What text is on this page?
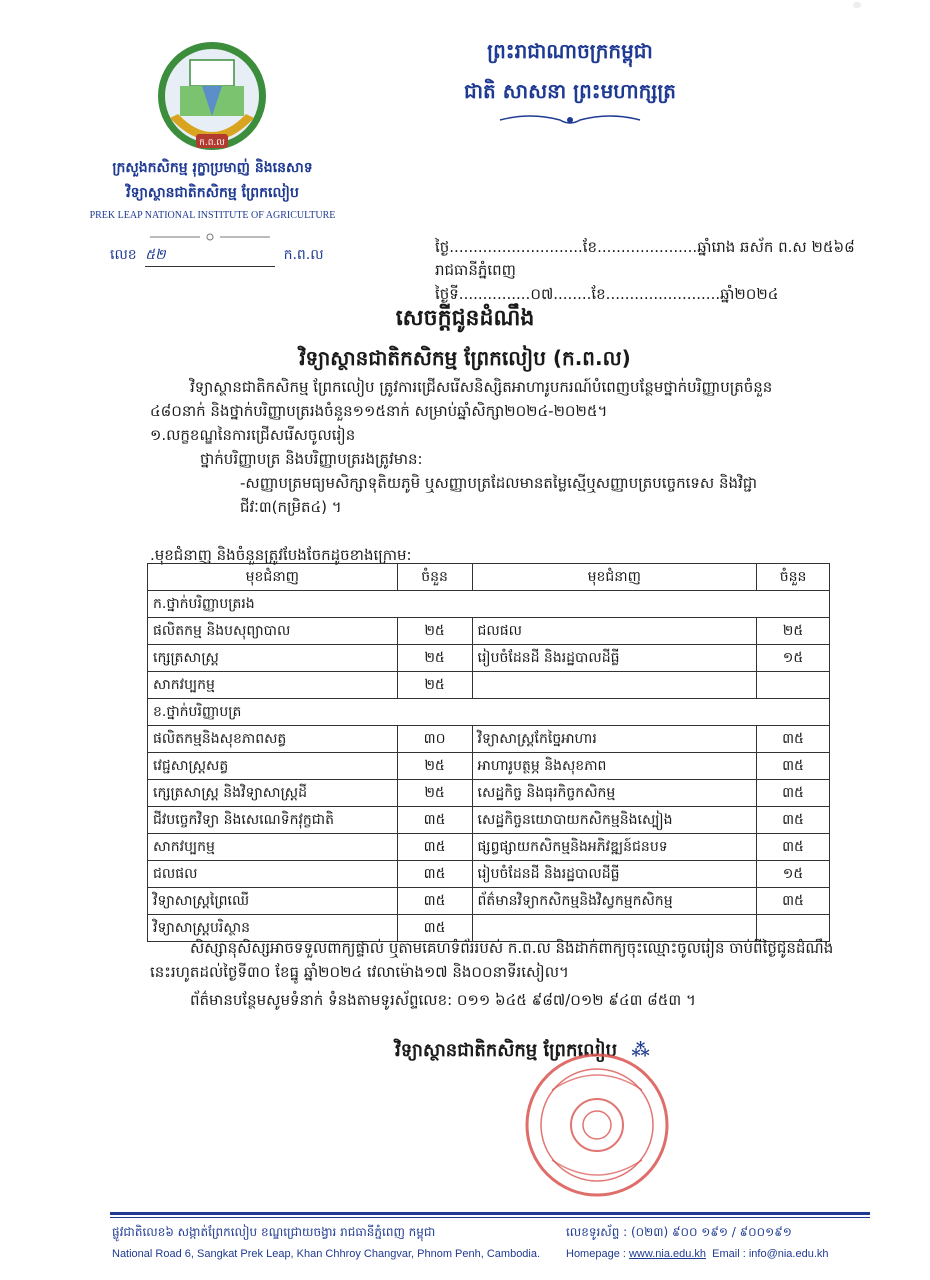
ក.ព.ល
ក្រសួងកសិកម្ម រុក្ខាប្រមាញ់ និងនេសាទ
វិទ្យាស្ថានជាតិកសិកម្ម ព្រែកលៀប
PREK LEAP NATIONAL INSTITUTE OF AGRICULTURE
លេខ ៥២	ក.ព.ល
ព្រះរាជាណាចក្រកម្ពុជា
ជាតិ សាសនា ព្រះមហាក្សត្រ
ថ្ងៃ............................ខែ.....................ឆ្នាំរោង ឆស័ក ព.ស ២៥៦៨
រាជធានីភ្នំពេញ ថ្ងៃទី...............០៧........ខែ........................ឆ្នាំ២០២៤
សេចក្តីជូនដំណឹង
វិទ្យាស្ថានជាតិកសិកម្ម ព្រែកលៀប (ក.ព.ល)
វិទ្យាស្ថានជាតិកសិកម្ម ព្រែកលៀប ត្រូវការជ្រើសរើសនិស្សិតអាហារូបករណ៍បំពេញបន្ថែមថ្នាក់បរិញ្ញាបត្រចំនួន ៤៨០នាក់ និងថ្នាក់បរិញ្ញាបត្ររងចំនួន១១៥នាក់ សម្រាប់ឆ្នាំសិក្សា២០២៤-២០២៥។
១.លក្ខខណ្ឌនៃការជ្រើសរើសចូលរៀន
ថ្នាក់បរិញ្ញាបត្រ និងបរិញ្ញាបត្ររងត្រូវមាន:
-សញ្ញាបត្រមធ្យមសិក្សាទុតិយភូមិ ឬសញ្ញាបត្រដែលមានតម្លៃស្មើឬសញ្ញាបត្របច្ចេកទេស និងវិជ្ជាជីវៈ៣(កម្រិត៤) ។
.មុខជំនាញ និងចំនួនត្រូវបែងចែកដូចខាងក្រោម:
មុខជំនាញ	ចំនួន	មុខជំនាញ	ចំនួន
ក.ថ្នាក់បរិញ្ញាបត្ររង			
ផលិតកម្ម និងបសុព្យាបាល	២៥	ជលផល	២៥
ក្សេត្រសាស្ត្រ	២៥	រៀបចំដែនដី និងរដ្ឋបាលដីធ្លី	១៥
សាកវប្បកម្ម	២៥		
ខ.ថ្នាក់បរិញ្ញាបត្រ			
ផលិតកម្មនិងសុខភាពសត្វ	៣០	វិទ្យាសាស្ត្រកែច្នៃអាហារ	៣៥
វេជ្ជសាស្ត្រសត្វ	២៥	អាហារូបត្ថម្ភ និងសុខភាព	៣៥
ក្សេត្រសាស្ត្រ និងវិទ្យាសាស្ត្រដី	២៥	សេដ្ឋកិច្ច និងធុរកិច្ចកសិកម្ម	៣៥
ជីវបច្ចេកវិទ្យា និងសេណេទិកវុក្ខជាតិ	៣៥	សេដ្ឋកិច្ចនយោបាយកសិកម្មនិងស្បៀង	៣៥
សាកវប្បកម្ម	៣៥	ផ្សព្វផ្សាយកសិកម្មនិងអភិវឌ្ឍន៍ជនបទ	៣៥
ជលផល	៣៥	រៀបចំដែនដី និងរដ្ឋបាលដីធ្លី	១៥
វិទ្យាសាស្ត្រព្រៃឈើ	៣៥	ព័ត៌មានវិទ្យាកសិកម្មនិងវិស្វកម្មកសិកម្ម	៣៥
វិទ្យាសាស្ត្របរិស្ថាន	៣៥		
សិស្សានុសិស្សអាចទទួលពាក្យផ្ទាល់ ឬតាមគេហទំព័ររបស់ ក.ព.ល និងដាក់ពាក្យចុះឈ្មោះចូលរៀន ចាប់ពីថ្ងៃជូនដំណឹងនេះរហូតដល់ថ្ងៃទី៣០ ខែធ្នូ ឆ្នាំ២០២៤ វេលាម៉ោង១៧ និង០០នាទីរសៀល។
ព័ត៌មានបន្ថែមសូមទំនាក់ ទំនងតាមទូរស័ព្ទលេខ: ០១១ ៦៤៥ ៩៨៧/០១២ ៩៤៣ ៨៥៣ ។
វិទ្យាស្ថានជាតិកសិកម្ម ព្រែកលៀប ⁂
ផ្លូវជាតិលេខ៦ សង្កាត់ព្រែកលៀប ខណ្ឌជ្រោយចង្វារ រាជធានីភ្នំពេញ កម្ពុជា
National Road 6, Sangkat Prek Leap, Khan Chhroy Changvar, Phnom Penh, Cambodia.
លេខទូរស័ព្ទ : (០២៣) ៩០០ ១៩១ / ៩០០១៩១
Homepage : www.nia.edu.kh Email : info@nia.edu.kh
